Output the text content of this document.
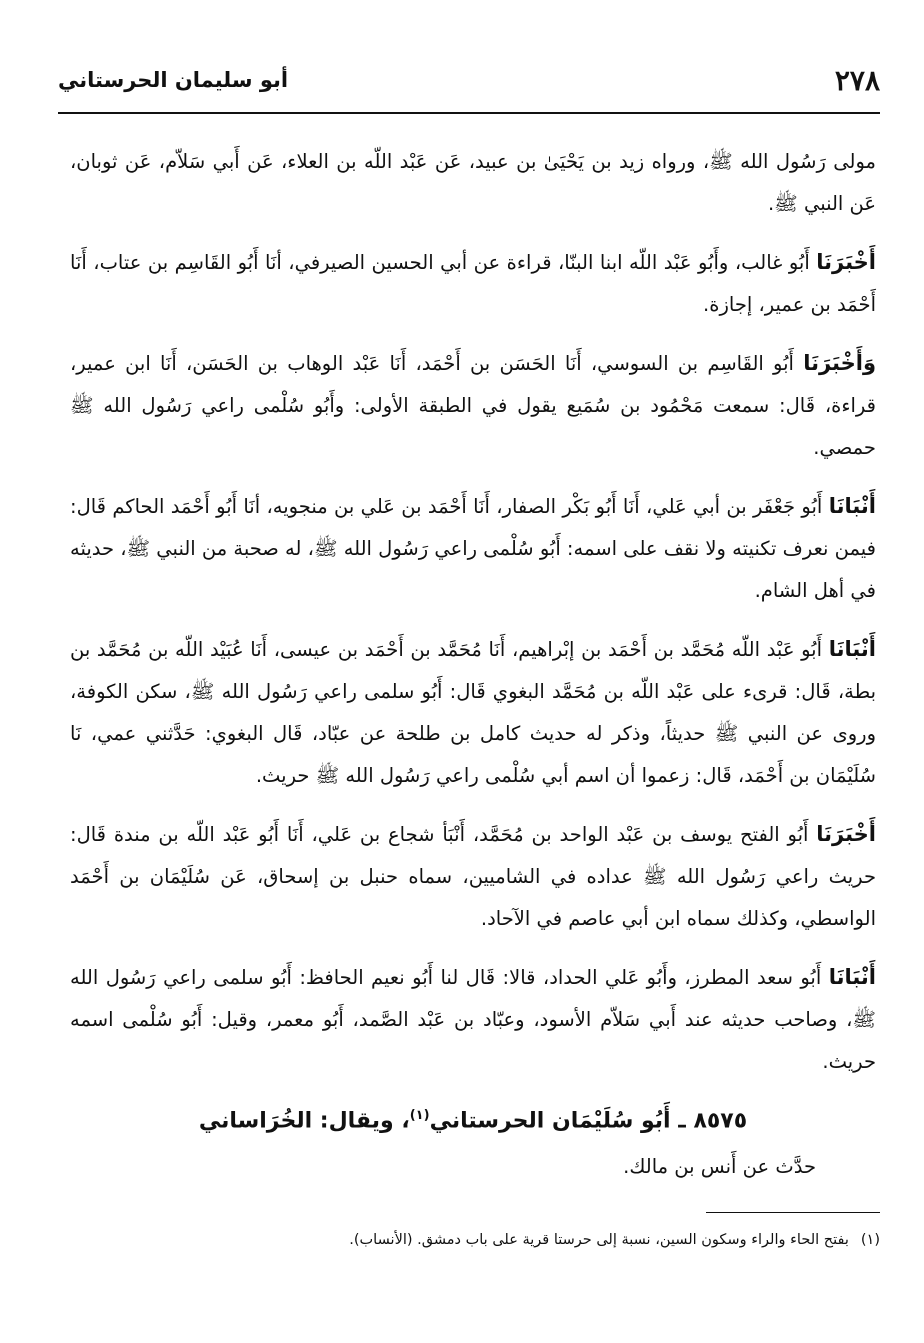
٢٧٨
أبو سليمان الحرستاني

مولى رَسُول الله ﷺ، ورواه زيد بن يَحْيَىٰ بن عبيد، عَن عَبْد اللّه بن العلاء، عَن أَبي سَلاّم، عَن ثوبان، عَن النبي ﷺ.

أَخْبَرَنَا أَبُو غالب، وأَبُو عَبْد اللّه ابنا البنّا، قراءة عن أبي الحسين الصيرفي، أنَا أَبُو القَاسِم بن عتاب، أَنَا أَحْمَد بن عمير، إجازة.

وَأَخْبَرَنَا أَبُو القَاسِم بن السوسي، أَنَا الحَسَن بن أَحْمَد، أَنَا عَبْد الوهاب بن الحَسَن، أَنَا ابن عمير، قراءة، قَال: سمعت مَحْمُود بن سُمَيع يقول في الطبقة الأولى: وأَبُو سُلْمى راعي رَسُول الله ﷺ حمصي.

أَنْبَانَا أَبُو جَعْفَر بن أبي عَلي، أَنَا أَبُو بَكْر الصفار، أَنَا أَحْمَد بن عَلي بن منجويه، أنَا أَبُو أَحْمَد الحاكم قَال: فيمن نعرف تكنيته ولا نقف على اسمه: أَبُو سُلْمى راعي رَسُول الله ﷺ، له صحبة من النبي ﷺ، حديثه في أهل الشام.

أَنْبَانَا أَبُو عَبْد اللّه مُحَمَّد بن أَحْمَد بن إبْراهيم، أَنَا مُحَمَّد بن أَحْمَد بن عيسى، أَنَا عُبَيْد اللّه بن مُحَمَّد بن بطة، قَال: قرىء على عَبْد اللّه بن مُحَمَّد البغوي قَال: أَبُو سلمى راعي رَسُول الله ﷺ، سكن الكوفة، وروى عن النبي ﷺ حديثاً، وذكر له حديث كامل بن طلحة عن عبّاد، قَال البغوي: حَدَّثني عمي، نَا سُلَيْمَان بن أَحْمَد، قَال: زعموا أن اسم أبي سُلْمى راعي رَسُول الله ﷺ حريث.

أَخْبَرَنَا أَبُو الفتح يوسف بن عَبْد الواحد بن مُحَمَّد، أَنْبَأ شجاع بن عَلي، أَنَا أَبُو عَبْد اللّه بن مندة قَال: حريث راعي رَسُول الله ﷺ عداده في الشاميين، سماه حنبل بن إسحاق، عَن سُلَيْمَان بن أَحْمَد الواسطي، وكذلك سماه ابن أبي عاصم في الآحاد.

أَنْبَانَا أَبُو سعد المطرز، وأَبُو عَلي الحداد، قالا: قَال لنا أَبُو نعيم الحافظ: أَبُو سلمى راعي رَسُول الله ﷺ، وصاحب حديثه عند أَبي سَلاّم الأسود، وعبّاد بن عَبْد الصَّمد، أَبُو معمر، وقيل: أَبُو سُلْمى اسمه حريث.

٨٥٧٥ ـ أَبُو سُلَيْمَان الحرستاني$^{(١)}$، ويقال: الخُرَاساني
حدَّث عن أَنس بن مالك.
(١)بفتح الحاء والراء وسكون السين، نسبة إلى حرستا قرية على باب دمشق. (الأنساب).
